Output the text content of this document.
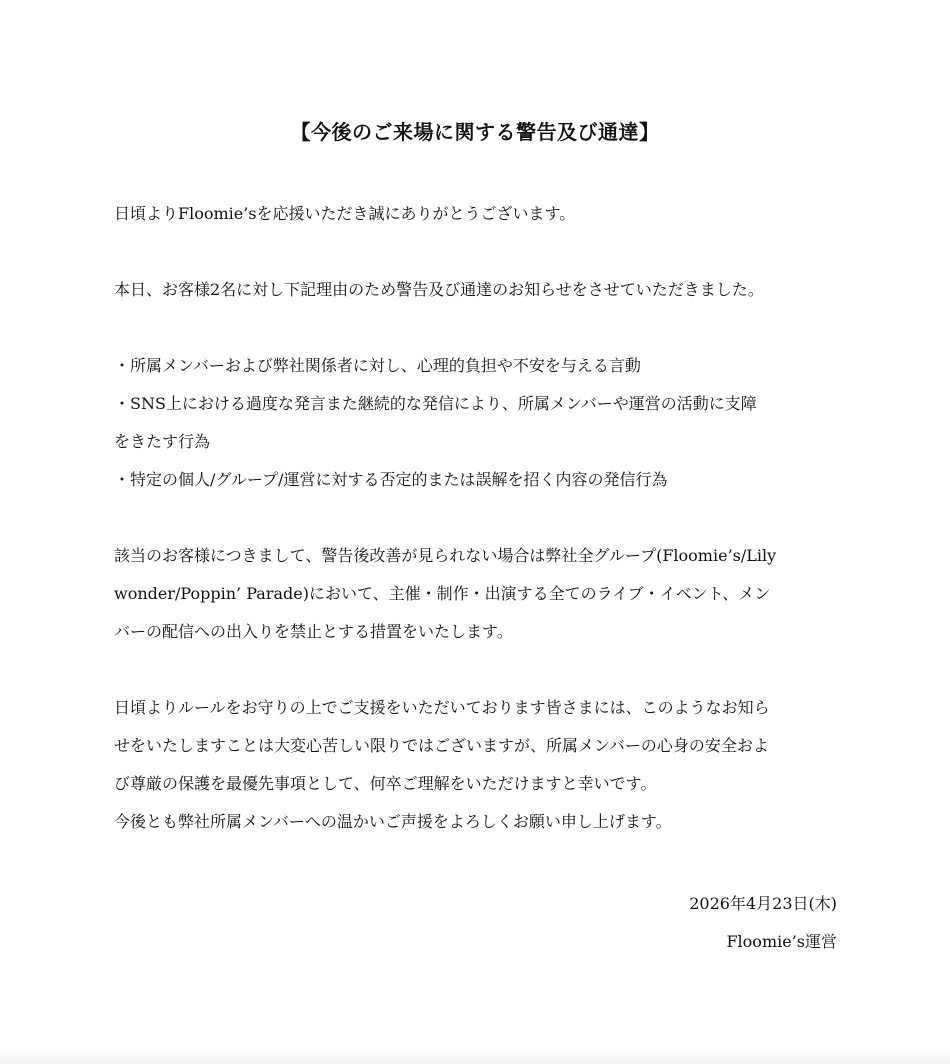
【今後のご来場に関する警告及び通達】
日頃よりFloomie’sを応援いただき誠にありがとうございます。
本日、お客様2名に対し下記理由のため警告及び通達のお知らせをさせていただきました。
・所属メンバーおよび弊社関係者に対し、心理的負担や不安を与える言動
・SNS上における過度な発言また継続的な発信により、所属メンバーや運営の活動に支障
をきたす行為
・特定の個人/グループ/運営に対する否定的または誤解を招く内容の発信行為
該当のお客様につきまして、警告後改善が見られない場合は弊社全グループ(Floomie’s/Lily
wonder/Poppin’ Parade)において、主催・制作・出演する全てのライブ・イベント、メン
バーの配信への出入りを禁止とする措置をいたします。
日頃よりルールをお守りの上でご支援をいただいております皆さまには、このようなお知ら
せをいたしますことは大変心苦しい限りではございますが、所属メンバーの心身の安全およ
び尊厳の保護を最優先事項として、何卒ご理解をいただけますと幸いです。
今後とも弊社所属メンバーへの温かいご声援をよろしくお願い申し上げます。
2026年4月23日(木)
Floomie’s運営
